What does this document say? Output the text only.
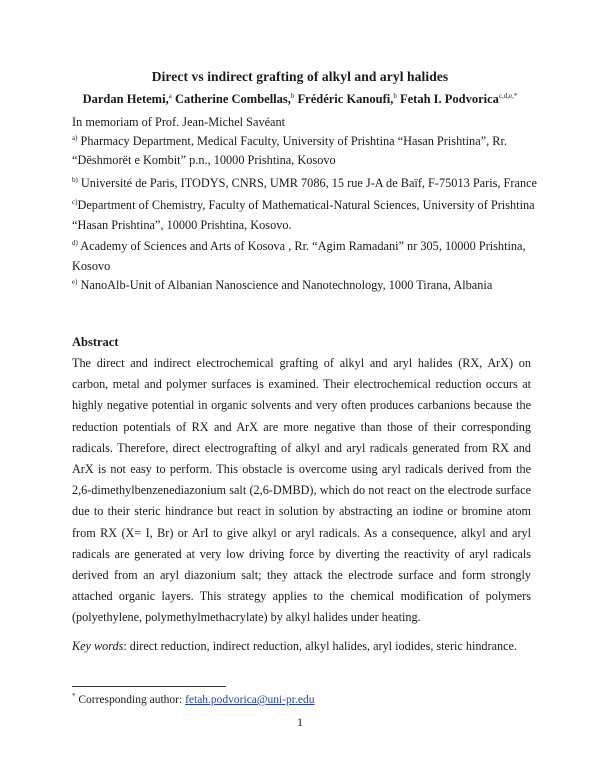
Direct vs indirect grafting of alkyl and aryl halides
Dardan Hetemi,$^a$ Catherine Combellas,$^b$ Frédéric Kanoufi,$^b$ Fetah I. Podvorica$^{c,d,e,*}$
In memoriam of Prof. Jean-Michel Savéant
$^{a)}$ Pharmacy Department, Medical Faculty, University of Prishtina “Hasan Prishtina”, Rr.
“Dëshmorët e Kombit” p.n., 10000 Prishtina, Kosovo
$^{b)}$ Université de Paris, ITODYS, CNRS, UMR 7086, 15 rue J-A de Baïf, F-75013 Paris, France
$^{c)}$Department of Chemistry, Faculty of Mathematical-Natural Sciences, University of Prishtina
“Hasan Prishtina”, 10000 Prishtina, Kosovo.
$^{d)}$ Academy of Sciences and Arts of Kosova , Rr. “Agim Ramadani” nr 305, 10000 Prishtina,
Kosovo
$^{e)}$ NanoAlb-Unit of Albanian Nanoscience and Nanotechnology, 1000 Tirana, Albania
Abstract

The direct and indirect electrochemical grafting of alkyl and aryl halides (RX, ArX) on carbon, metal and polymer surfaces is examined. Their electrochemical reduction occurs at highly negative potential in organic solvents and very often produces carbanions because the reduction potentials of RX and ArX are more negative than those of their corresponding radicals. Therefore, direct electrografting of alkyl and aryl radicals generated from RX and ArX is not easy to perform. This obstacle is overcome using aryl radicals derived from the 2,6-dimethylbenzenediazonium salt (2,6-DMBD), which do not react on the electrode surface due to their steric hindrance but react in solution by abstracting an iodine or bromine atom from RX (X= I, Br) or ArI to give alkyl or aryl radicals. As a consequence, alkyl and aryl radicals are generated at very low driving force by diverting the reactivity of aryl radicals derived from an aryl diazonium salt; they attack the electrode surface and form strongly attached organic layers. This strategy applies to the chemical modification of polymers (polyethylene, polymethylmethacrylate) by alkyl halides under heating.

Key words: direct reduction, indirect reduction, alkyl halides, aryl iodides, steric hindrance.
* Corresponding author: fetah.podvorica@uni-pr.edu
1
